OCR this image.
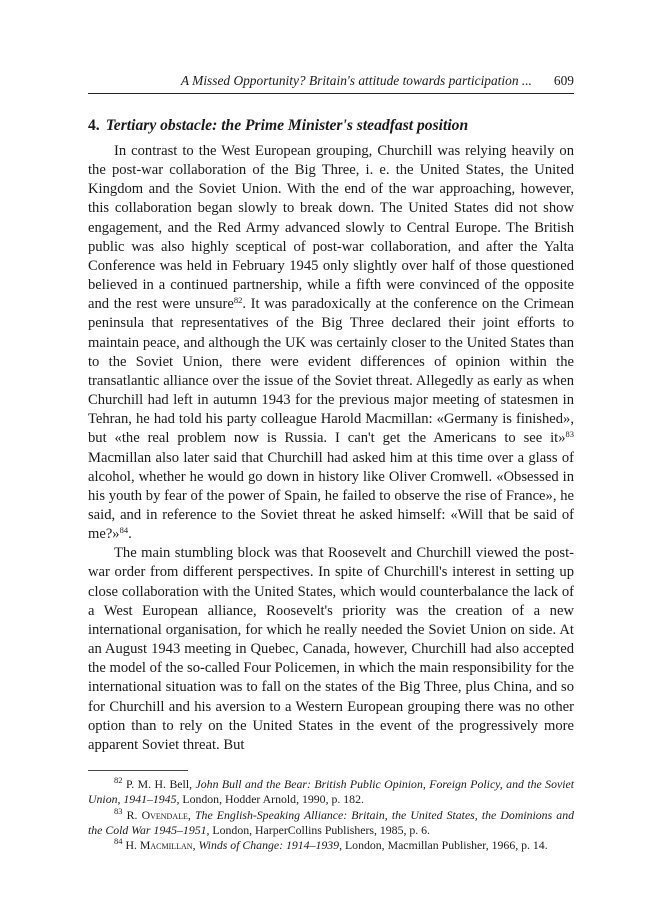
A Missed Opportunity? Britain's attitude towards participation ...	609
4. Tertiary obstacle: the Prime Minister's steadfast position

In contrast to the West European grouping, Churchill was relying heavily on the post-war collaboration of the Big Three, i. e. the United States, the United Kingdom and the Soviet Union. With the end of the war approaching, however, this collaboration began slowly to break down. The United States did not show engagement, and the Red Army advanced slowly to Central Europe. The British public was also highly sceptical of post-war collaboration, and after the Yalta Conference was held in February 1945 only slightly over half of those questioned believed in a continued partnership, while a fifth were convinced of the opposite and the rest were unsure$^{82}$. It was paradoxically at the conference on the Crimean peninsula that representatives of the Big Three declared their joint efforts to maintain peace, and although the UK was certainly closer to the United States than to the Soviet Union, there were evident differences of opinion within the transatlantic alliance over the issue of the Soviet threat. Allegedly as early as when Churchill had left in autumn 1943 for the previous major meeting of statesmen in Tehran, he had told his party colleague Harold Macmillan: «Germany is finished», but «the real problem now is Russia. I can't get the Americans to see it»$^{83}$ Macmillan also later said that Churchill had asked him at this time over a glass of alcohol, whether he would go down in history like Oliver Cromwell. «Obsessed in his youth by fear of the power of Spain, he failed to observe the rise of France», he said, and in reference to the Soviet threat he asked himself: «Will that be said of me?»$^{84}$.

The main stumbling block was that Roosevelt and Churchill viewed the post-war order from different perspectives. In spite of Churchill's interest in setting up close collaboration with the United States, which would counterbalance the lack of a West European alliance, Roosevelt's priority was the creation of a new international organisation, for which he really needed the Soviet Union on side. At an August 1943 meeting in Quebec, Canada, however, Churchill had also accepted the model of the so-called Four Policemen, in which the main responsibility for the international situation was to fall on the states of the Big Three, plus China, and so for Churchill and his aversion to a Western European grouping there was no other option than to rely on the United States in the event of the progressively more apparent Soviet threat. But

$^{82}$ P. M. H. Bell, John Bull and the Bear: British Public Opinion, Foreign Policy, and the Soviet Union, 1941–1945, London, Hodder Arnold, 1990, p. 182.

$^{83}$ R. Ovendale, The English-Speaking Alliance: Britain, the United States, the Dominions and the Cold War 1945–1951, London, HarperCollins Publishers, 1985, p. 6.

$^{84}$ H. Macmillan, Winds of Change: 1914–1939, London, Macmillan Publisher, 1966, p. 14.
